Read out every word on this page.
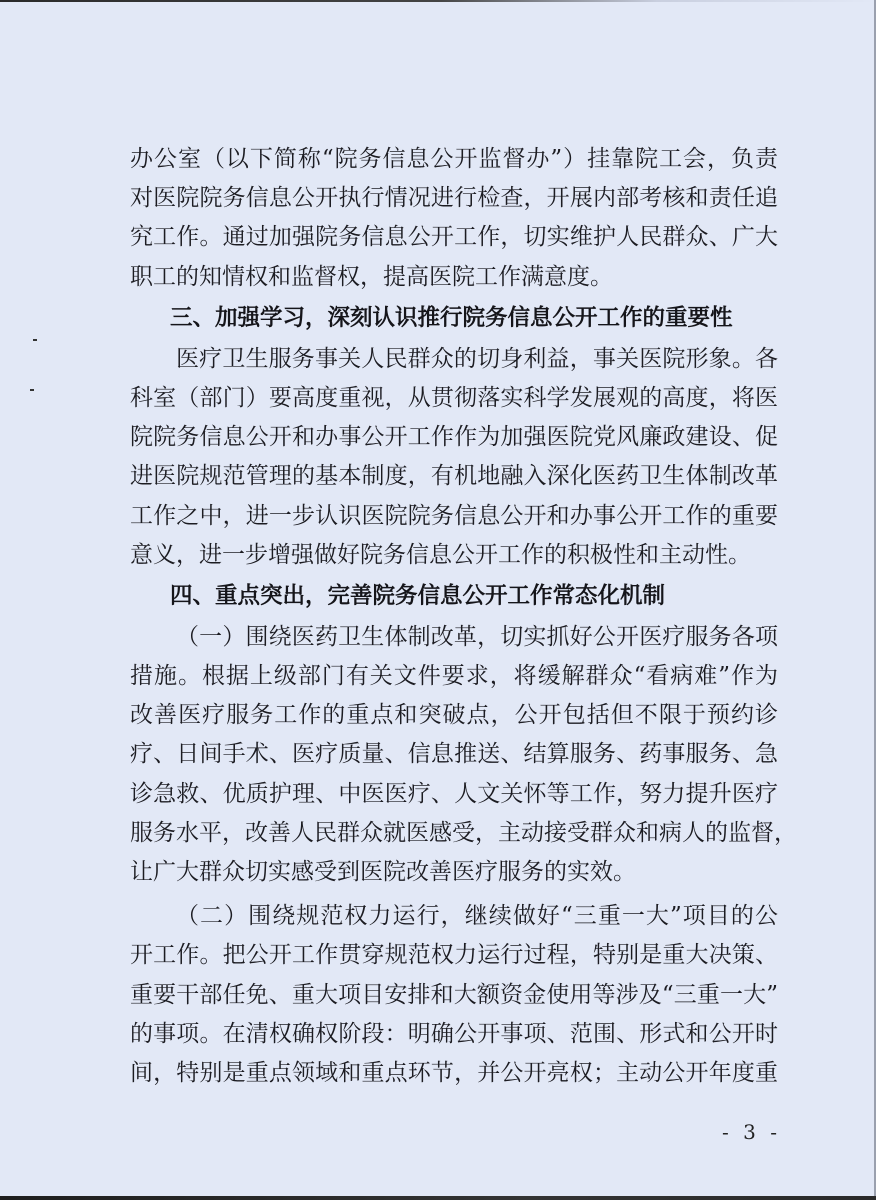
办公室（以下简称“院务信息公开监督办”）挂靠院工会，负责
对医院院务信息公开执行情况进行检查，开展内部考核和责任追
究工作。通过加强院务信息公开工作，切实维护人民群众、广大
职工的知情权和监督权，提高医院工作满意度。
三、加强学习，深刻认识推行院务信息公开工作的重要性
医疗卫生服务事关人民群众的切身利益，事关医院形象。各
科室（部门）要高度重视，从贯彻落实科学发展观的高度，将医
院院务信息公开和办事公开工作作为加强医院党风廉政建设、促
进医院规范管理的基本制度，有机地融入深化医药卫生体制改革
工作之中，进一步认识医院院务信息公开和办事公开工作的重要
意义，进一步增强做好院务信息公开工作的积极性和主动性。
四、重点突出，完善院务信息公开工作常态化机制
（一）围绕医药卫生体制改革，切实抓好公开医疗服务各项
措施。根据上级部门有关文件要求，将缓解群众“看病难”作为
改善医疗服务工作的重点和突破点，公开包括但不限于预约诊
疗、日间手术、医疗质量、信息推送、结算服务、药事服务、急
诊急救、优质护理、中医医疗、人文关怀等工作，努力提升医疗
服务水平，改善人民群众就医感受，主动接受群众和病人的监督，
让广大群众切实感受到医院改善医疗服务的实效。
（二）围绕规范权力运行，继续做好“三重一大”项目的公
开工作。把公开工作贯穿规范权力运行过程，特别是重大决策、
重要干部任免、重大项目安排和大额资金使用等涉及“三重一大”
的事项。在清权确权阶段：明确公开事项、范围、形式和公开时
间，特别是重点领域和重点环节，并公开亮权；主动公开年度重
- 3 -
